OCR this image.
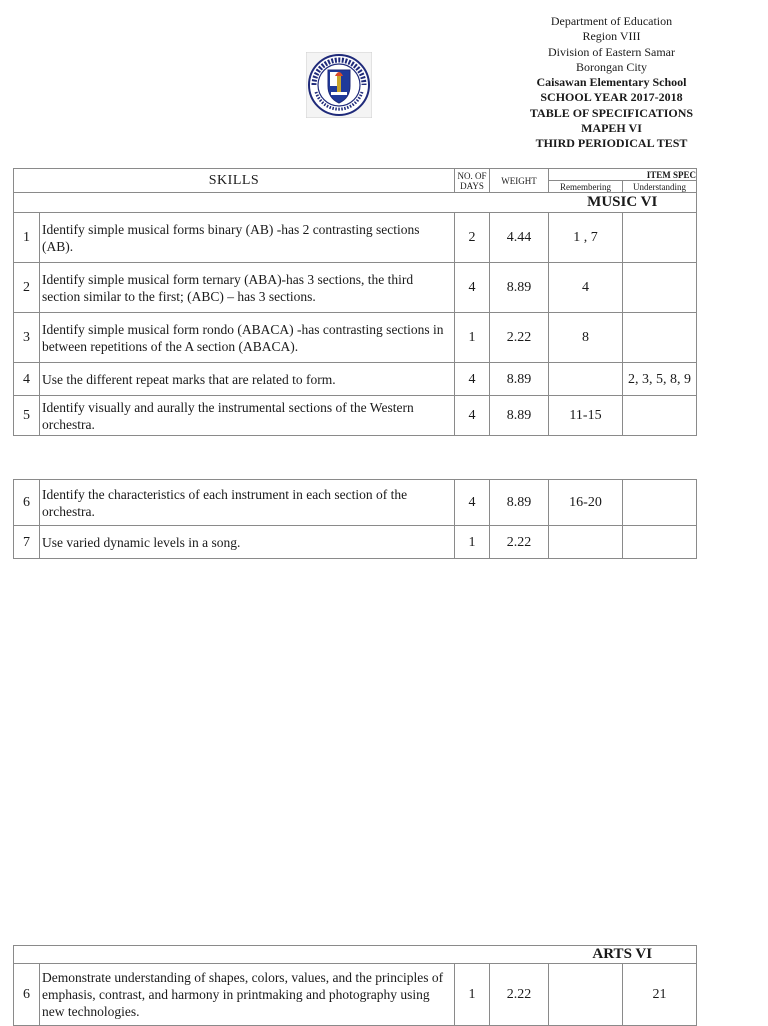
Department of Education
Region VIII
Division of Eastern Samar
Borongan City
Caisawan Elementary School
SCHOOL YEAR 2017-2018
TABLE OF SPECIFICATIONS
MAPEH VI
THIRD PERIODICAL TEST
SKILLS		NO. OF DAYS	WEIGHT	ITEM SPEC	
				Remembering	Understanding
				MUSIC VI	
1	Identify simple musical forms binary (AB) -has 2 contrasting sections (AB).	2	4.44	1 , 7	
2	Identify simple musical form ternary (ABA)-has 3 sections, the third section similar to the first; (ABC) – has 3 sections.	4	8.89	4	
3	Identify simple musical form rondo (ABACA) -has contrasting sections in between repetitions of the A section (ABACA).	1	2.22	8	
4	Use the different repeat marks that are related to form.	4	8.89		2, 3, 5, 8, 9
5	Identify visually and aurally the instrumental sections of the Western orchestra.	4	8.89	11-15	
6	Identify the characteristics of each instrument in each section of the orchestra.	4	8.89	16-20	
7	Use varied dynamic levels in a song.	1	2.22		
				ARTS VI	
6	Demonstrate understanding of shapes, colors, values, and the principles of emphasis, contrast, and harmony in printmaking and photography using new technologies.	1	2.22		21
